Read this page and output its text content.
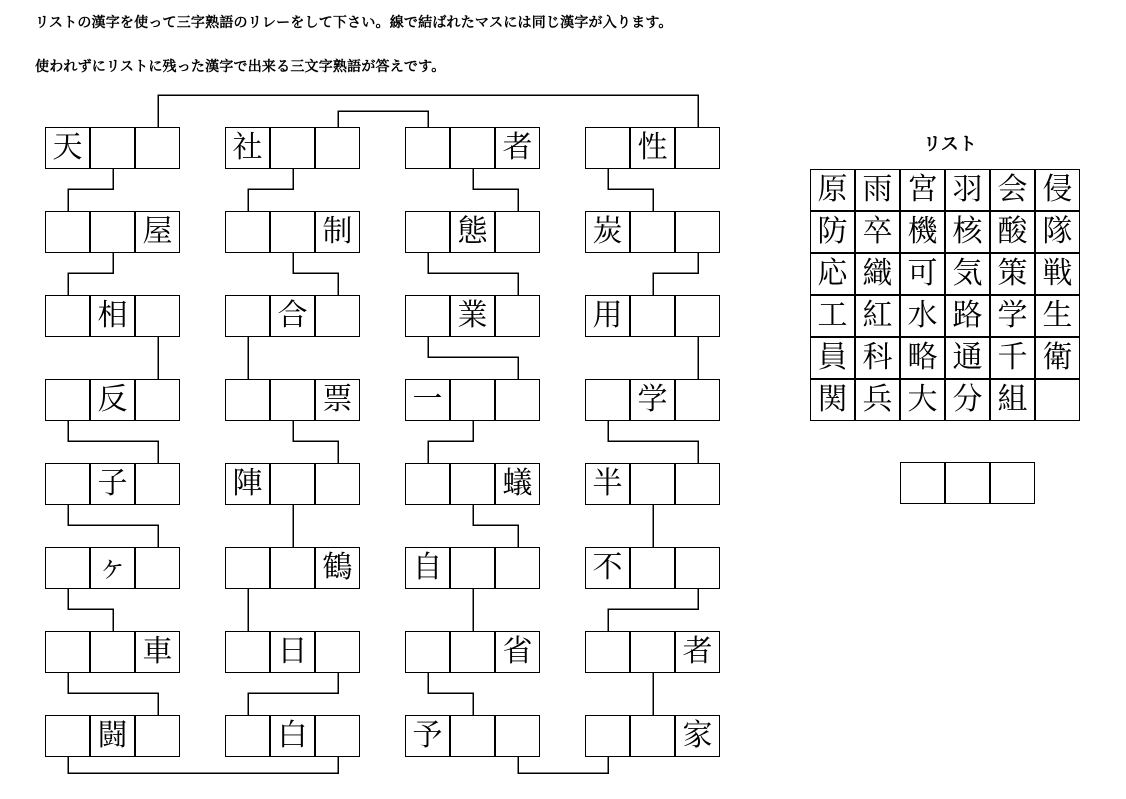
リストの漢字を使って三字熟語のリレーをして下さい。線で結ばれたマスには同じ漢字が入ります。
使われずにリストに残った漢字で出来る三文字熟語が答えです。
天
屋
相
反
子
ヶ
車
闘
社
制
合
票
陣
鶴
日
白
者
態
業
一
蟻
自
省
予
性
炭
用
学
半
不
者
家
リスト
原 雨 宮 羽 会 侵
防 卒 機 核 酸 隊
応 織 可 気 策 戦
工 紅 水 路 学 生
員 科 略 通 千 衛
関 兵 大 分 組
